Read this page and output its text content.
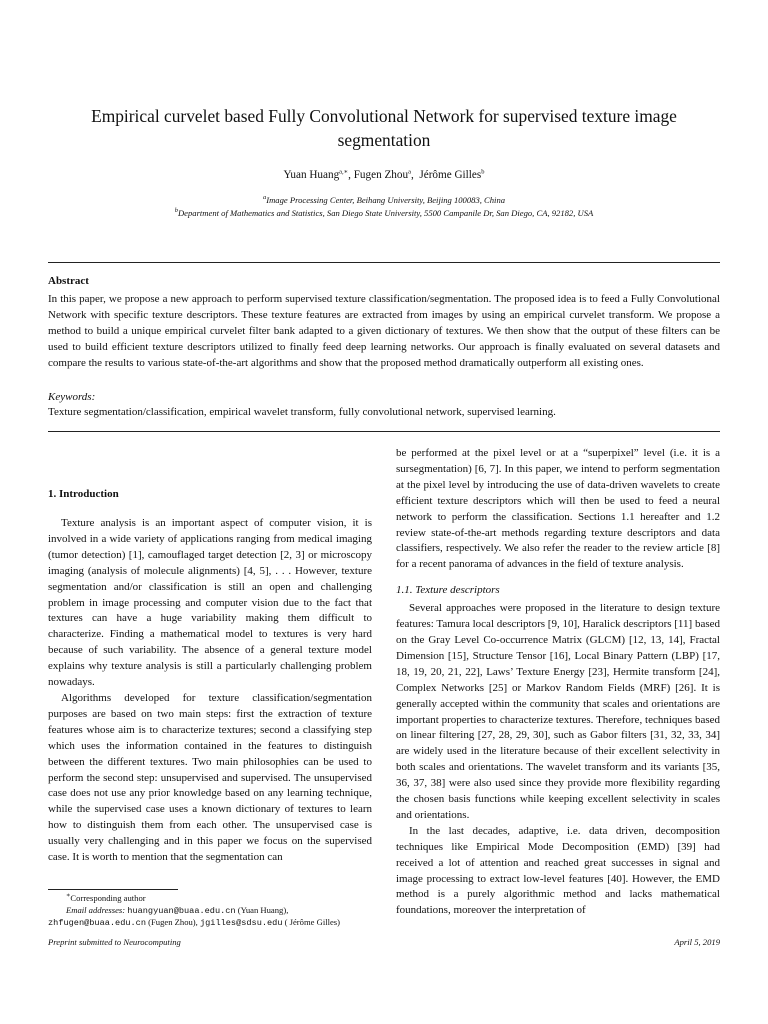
Empirical curvelet based Fully Convolutional Network for supervised texture image segmentation
Yuan Huang$^{a,∗}$, Fugen Zhou$^a$,  Jérôme Gilles$^b$
$^a$Image Processing Center, Beihang University, Beijing 100083, China
$^b$Department of Mathematics and Statistics, San Diego State University, 5500 Campanile Dr, San Diego, CA, 92182, USA
Abstract

In this paper, we propose a new approach to perform supervised texture classification/segmentation. The proposed idea is to feed a Fully Convolutional Network with specific texture descriptors. These texture features are extracted from images by using an empirical curvelet transform. We propose a method to build a unique empirical curvelet filter bank adapted to a given dictionary of textures. We then show that the output of these filters can be used to build efficient texture descriptors utilized to finally feed deep learning networks. Our approach is finally evaluated on several datasets and compare the results to various state-of-the-art algorithms and show that the proposed method dramatically outperform all existing ones.

Keywords:
Texture segmentation/classification, empirical wavelet transform, fully convolutional network, supervised learning.
1. Introduction

Texture analysis is an important aspect of computer vision, it is involved in a wide variety of applications ranging from medical imaging (tumor detection) [1], camouflaged target detection [2, 3] or microscopy imaging (analysis of molecule alignments) [4, 5], . . . However, texture segmentation and/or classification is still an open and challenging problem in image processing and computer vision due to the fact that textures can have a huge variability making them difficult to characterize. Finding a mathematical model to textures is very hard because of such variability. The absence of a general texture model explains why texture analysis is still a particularly challenging problem nowadays.

Algorithms developed for texture classification/segmentation purposes are based on two main steps: first the extraction of texture features whose aim is to characterize textures; second a classifying step which uses the information contained in the features to distinguish between the different textures. Two main philosophies can be used to perform the second step: unsupervised and supervised. The unsupervised case does not use any prior knowledge based on any learning technique, while the supervised case uses a known dictionary of textures to learn how to distinguish them from each other. The unsupervised case is usually very challenging and in this paper we focus on the supervised case. It is worth to mention that the segmentation can

be performed at the pixel level or at a “superpixel” level (i.e. it is a sursegmentation) [6, 7]. In this paper, we intend to perform segmentation at the pixel level by introducing the use of data-driven wavelets to create efficient texture descriptors which will then be used to feed a neural network to perform the classification. Sections 1.1 hereafter and 1.2 review state-of-the-art methods regarding texture descriptors and data classifiers, respectively. We also refer the reader to the review article [8] for a recent panorama of advances in the field of texture analysis.

1.1. Texture descriptors

Several approaches were proposed in the literature to design texture features: Tamura local descriptors [9, 10], Haralick descriptors [11] based on the Gray Level Co-occurrence Matrix (GLCM) [12, 13, 14], Fractal Dimension [15], Structure Tensor [16], Local Binary Pattern (LBP) [17, 18, 19, 20, 21, 22], Laws’ Texture Energy [23], Hermite transform [24], Complex Networks [25] or Markov Random Fields (MRF) [26]. It is generally accepted within the community that scales and orientations are important properties to characterize textures. Therefore, techniques based on linear filtering [27, 28, 29, 30], such as Gabor filters [31, 32, 33, 34] are widely used in the literature because of their excellent selectivity in both scales and orientations. The wavelet transform and its variants [35, 36, 37, 38] were also used since they provide more flexibility regarding the chosen basis functions while keeping excellent selectivity in scales and orientations.

In the last decades, adaptive, i.e. data driven, decomposition techniques like Empirical Mode Decomposition (EMD) [39] had received a lot of attention and reached great successes in signal and image processing to extract low-level features [40]. However, the EMD method is a purely algorithmic method and lacks mathematical foundations, moreover the interpretation of

∗Corresponding author
Email addresses: huangyuan@buaa.edu.cn (Yuan Huang),
zhfugen@buaa.edu.cn (Fugen Zhou), jgilles@sdsu.edu ( Jérôme Gilles)
Preprint submitted to Neurocomputing	April 5, 2019
